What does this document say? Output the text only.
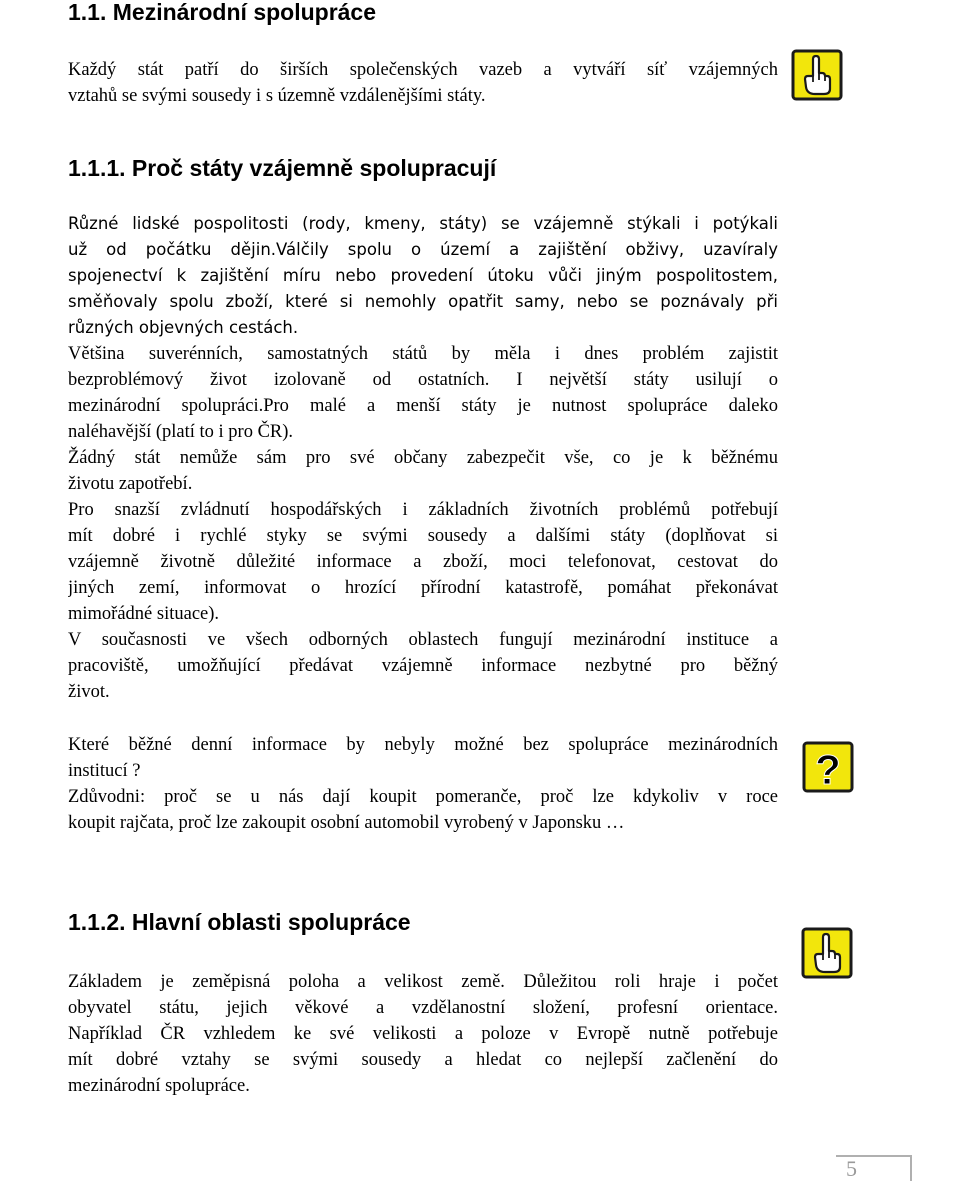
1.1. Mezinárodní spolupráce
Každý stát patří do širších společenských vazeb a vytváří síť vzájemných
vztahů se svými sousedy i s územně vzdálenějšími státy.
1.1.1. Proč státy vzájemně spolupracují
Různé lidské pospolitosti (rody, kmeny, státy) se vzájemně stýkali i potýkali
už od počátku dějin.Válčily spolu o území a zajištění obživy, uzavíraly
spojenectví k zajištění míru nebo provedení útoku vůči jiným pospolitostem,
směňovaly spolu zboží, které si nemohly opatřit samy, nebo se poznávaly při
různých objevných cestách.
Většina suverénních, samostatných států by měla i dnes problém zajistit
bezproblémový život izolovaně od ostatních. I největší státy usilují o
mezinárodní spolupráci.Pro malé a menší státy je nutnost spolupráce daleko
naléhavější (platí to i pro ČR).
Žádný stát nemůže sám pro své občany zabezpečit vše, co je k běžnému
životu zapotřebí.
Pro snazší zvládnutí hospodářských i základních životních problémů potřebují
mít dobré i rychlé styky se svými sousedy a dalšími státy (doplňovat si
vzájemně životně důležité informace a zboží, moci telefonovat, cestovat do
jiných zemí, informovat o hrozící přírodní katastrofě, pomáhat překonávat
mimořádné situace).
V současnosti ve všech odborných oblastech fungují mezinárodní instituce a
pracoviště, umožňující předávat vzájemně informace nezbytné pro běžný
život.
Které běžné denní informace by nebyly možné bez spolupráce mezinárodních
institucí ?
Zdůvodni: proč se u nás dají koupit pomeranče, proč lze kdykoliv v roce
koupit rajčata, proč lze zakoupit osobní automobil vyrobený v Japonsku …
?
1.1.2. Hlavní oblasti spolupráce
Základem je zeměpisná poloha a velikost země. Důležitou roli hraje i počet
obyvatel státu, jejich věkové a vzdělanostní složení, profesní orientace.
Například ČR vzhledem ke své velikosti a poloze v Evropě nutně potřebuje
mít dobré vztahy se svými sousedy a hledat co nejlepší začlenění do
mezinárodní spolupráce.
5
